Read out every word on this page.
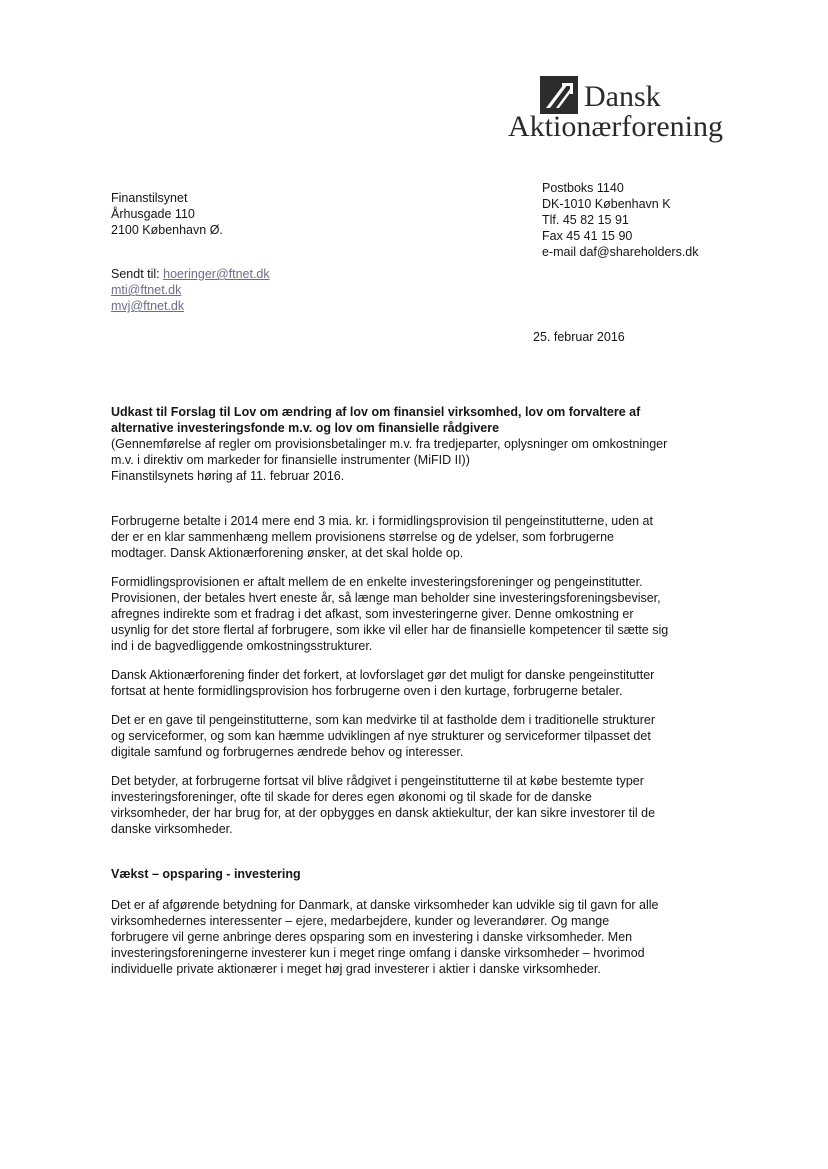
Dansk
Aktionærforening
Finanstilsynet
Århusgade 110
2100 København Ø.
Postboks 1140
DK-1010 København K
Tlf. 45 82 15 91
Fax 45 41 15 90
e-mail daf@shareholders.dk
Sendt til: hoeringer@ftnet.dk
mti@ftnet.dk
mvj@ftnet.dk
25. februar 2016
Udkast til Forslag til Lov om ændring af lov om finansiel virksomhed, lov om forvaltere af
alternative investeringsfonde m.v. og lov om finansielle rådgivere
(Gennemførelse af regler om provisionsbetalinger m.v. fra tredjeparter, oplysninger om omkostninger
m.v. i direktiv om markeder for finansielle instrumenter (MiFID II))
Finanstilsynets høring af 11. februar 2016.
Forbrugerne betalte i 2014 mere end 3 mia. kr. i formidlingsprovision til pengeinstitutterne, uden at
der er en klar sammenhæng mellem provisionens størrelse og de ydelser, som forbrugerne
modtager. Dansk Aktionærforening ønsker, at det skal holde op.
Formidlingsprovisionen er aftalt mellem de en enkelte investeringsforeninger og pengeinstitutter.
Provisionen, der betales hvert eneste år, så længe man beholder sine investeringsforeningsbeviser,
afregnes indirekte som et fradrag i det afkast, som investeringerne giver. Denne omkostning er
usynlig for det store flertal af forbrugere, som ikke vil eller har de finansielle kompetencer til sætte sig
ind i de bagvedliggende omkostningsstrukturer.
Dansk Aktionærforening finder det forkert, at lovforslaget gør det muligt for danske pengeinstitutter
fortsat at hente formidlingsprovision hos forbrugerne oven i den kurtage, forbrugerne betaler.
Det er en gave til pengeinstitutterne, som kan medvirke til at fastholde dem i traditionelle strukturer
og serviceformer, og som kan hæmme udviklingen af nye strukturer og serviceformer tilpasset det
digitale samfund og forbrugernes ændrede behov og interesser.
Det betyder, at forbrugerne fortsat vil blive rådgivet i pengeinstitutterne til at købe bestemte typer
investeringsforeninger, ofte til skade for deres egen økonomi og til skade for de danske
virksomheder, der har brug for, at der opbygges en dansk aktiekultur, der kan sikre investorer til de
danske virksomheder.
Vækst – opsparing - investering
Det er af afgørende betydning for Danmark, at danske virksomheder kan udvikle sig til gavn for alle
virksomhedernes interessenter – ejere, medarbejdere, kunder og leverandører. Og mange
forbrugere vil gerne anbringe deres opsparing som en investering i danske virksomheder. Men
investeringsforeningerne investerer kun i meget ringe omfang i danske virksomheder – hvorimod
individuelle private aktionærer i meget høj grad investerer i aktier i danske virksomheder.
